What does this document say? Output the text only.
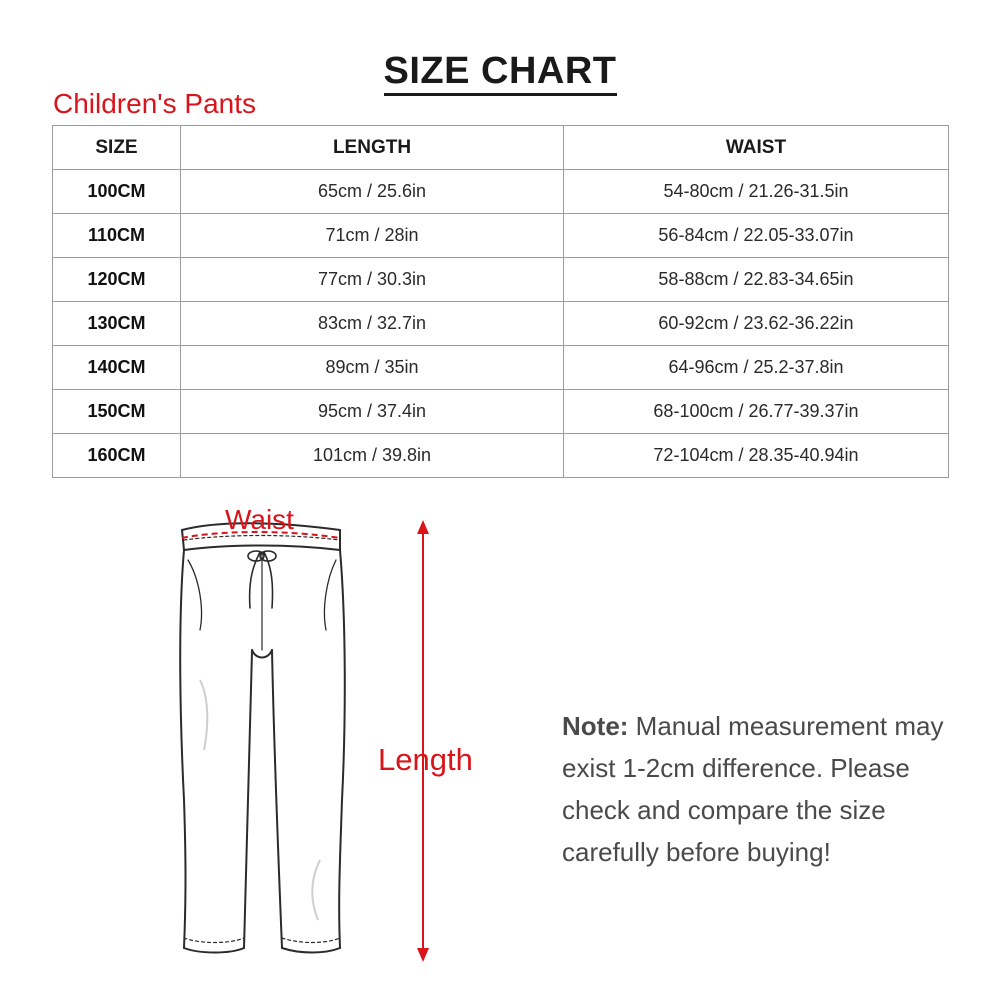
SIZE CHART
Children's Pants
SIZE	LENGTH	WAIST
100CM	65cm / 25.6in	54-80cm / 21.26-31.5in
110CM	71cm / 28in	56-84cm / 22.05-33.07in
120CM	77cm / 30.3in	58-88cm / 22.83-34.65in
130CM	83cm / 32.7in	60-92cm / 23.62-36.22in
140CM	89cm / 35in	64-96cm / 25.2-37.8in
150CM	95cm / 37.4in	68-100cm / 26.77-39.37in
160CM	101cm / 39.8in	72-104cm / 28.35-40.94in
Waist
Length
Note: Manual measurement may exist 1-2cm difference. Please check and compare the size carefully before buying!
